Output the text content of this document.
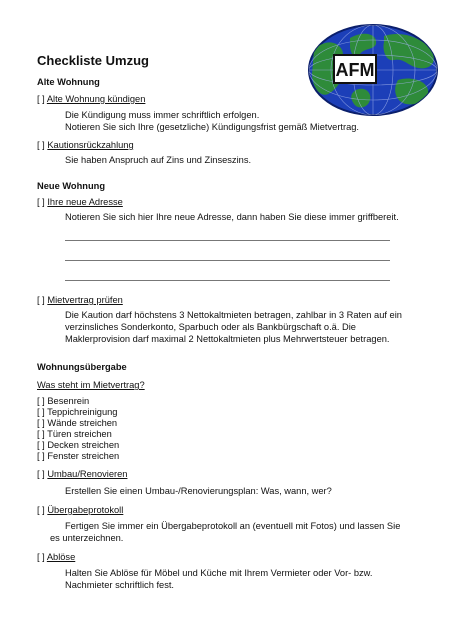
Checkliste Umzug	AFM
Alte Wohnung
[ ] Alte Wohnung kündigen
Die Kündigung muss immer schriftlich erfolgen.
Notieren Sie sich Ihre (gesetzliche) Kündigungsfrist gemäß Mietvertrag.
[ ] Kautionsrückzahlung
Sie haben Anspruch auf Zins und Zinseszins.
Neue Wohnung
[ ] Ihre neue Adresse
Notieren Sie sich hier Ihre neue Adresse, dann haben Sie diese immer griffbereit.
[ ] Mietvertrag prüfen
Die Kaution darf höchstens 3 Nettokaltmieten betragen, zahlbar in 3 Raten auf ein
verzinsliches Sonderkonto, Sparbuch oder als Bankbürgschaft o.ä. Die
Maklerprovision darf maximal 2 Nettokaltmieten plus Mehrwertsteuer betragen.
Wohnungsübergabe
Was steht im Mietvertrag?
[ ] Besenrein
[ ] Teppichreinigung
[ ] Wände streichen
[ ] Türen streichen
[ ] Decken streichen
[ ] Fenster streichen
[ ] Umbau/Renovieren
Erstellen Sie einen Umbau-/Renovierungsplan: Was, wann, wer?
[ ] Übergabeprotokoll
Fertigen Sie immer ein Übergabeprotokoll an (eventuell mit Fotos) und lassen Sie
es unterzeichnen.
[ ] Ablöse
Halten Sie Ablöse für Möbel und Küche mit Ihrem Vermieter oder Vor- bzw.
Nachmieter schriftlich fest.
